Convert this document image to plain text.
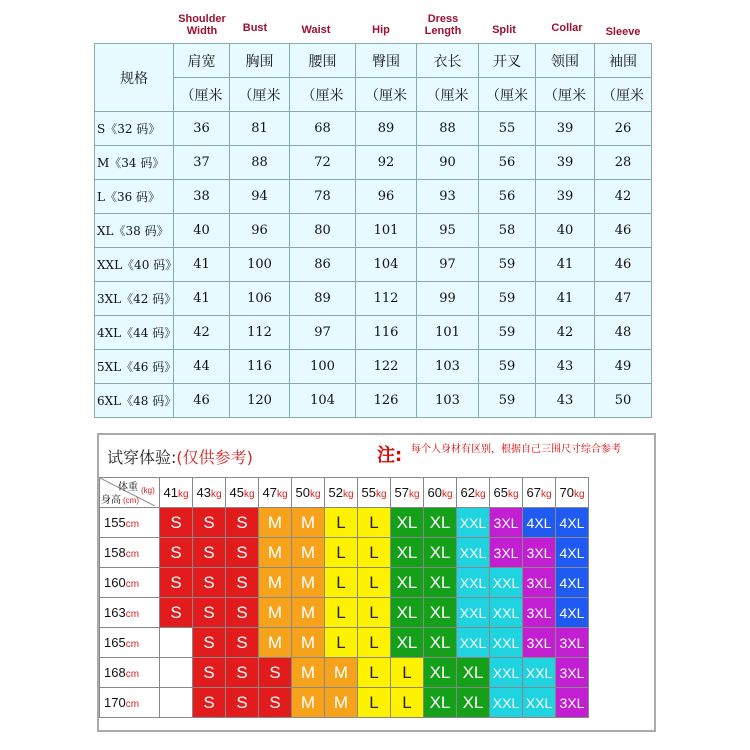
Shoulder Width	Bust	Waist	Hip
Dress Length	Split	Collar	Sleeve
规格	肩宽	胸围	腰围	臀围	衣长	开叉	领围	袖围
	（厘米	（厘米	（厘米	（厘米	（厘米	（厘米	（厘米	（厘米
S《32 码》	36	81	68	89	88	55	39	26
M《34 码》	37	88	72	92	90	56	39	28
L《36 码》	38	94	78	96	93	56	39	42
XL《38 码》	40	96	80	101	95	58	40	46
XXL《40 码》	41	100	86	104	97	59	41	46
3XL《42 码》	41	106	89	112	99	59	41	47
4XL《44 码》	42	112	97	116	101	59	42	48
5XL《46 码》	44	116	100	122	103	59	43	49
6XL《48 码》	46	120	104	126	103	59	43	50
试穿体验:(仅供参考)	注: 每个人身材有区别，根据自己三围尺寸综合参考
体重 (kg)
身高 (cm)	41kg	43kg	45kg	47kg	50kg	52kg	55kg	57kg	60kg	62kg	65kg	67kg	70kg
155cm	S	S	S	M	M	L	L	XL	XL	XXL	3XL	4XL	4XL
158cm	S	S	S	M	M	L	L	XL	XL	XXL	3XL	3XL	4XL
160cm	S	S	S	M	M	L	L	XL	XL	XXL	XXL	3XL	4XL
163cm	S	S	S	M	M	L	L	XL	XL	XXL	XXL	3XL	4XL
165cm		S	S	M	M	L	L	XL	XL	XXL	XXL	3XL	3XL
168cm		S	S	S	M	M	L	L	XL	XL	XXL	XXL	3XL
170cm		S	S	S	M	M	L	L	XL	XL	XXL	XXL	3XL
